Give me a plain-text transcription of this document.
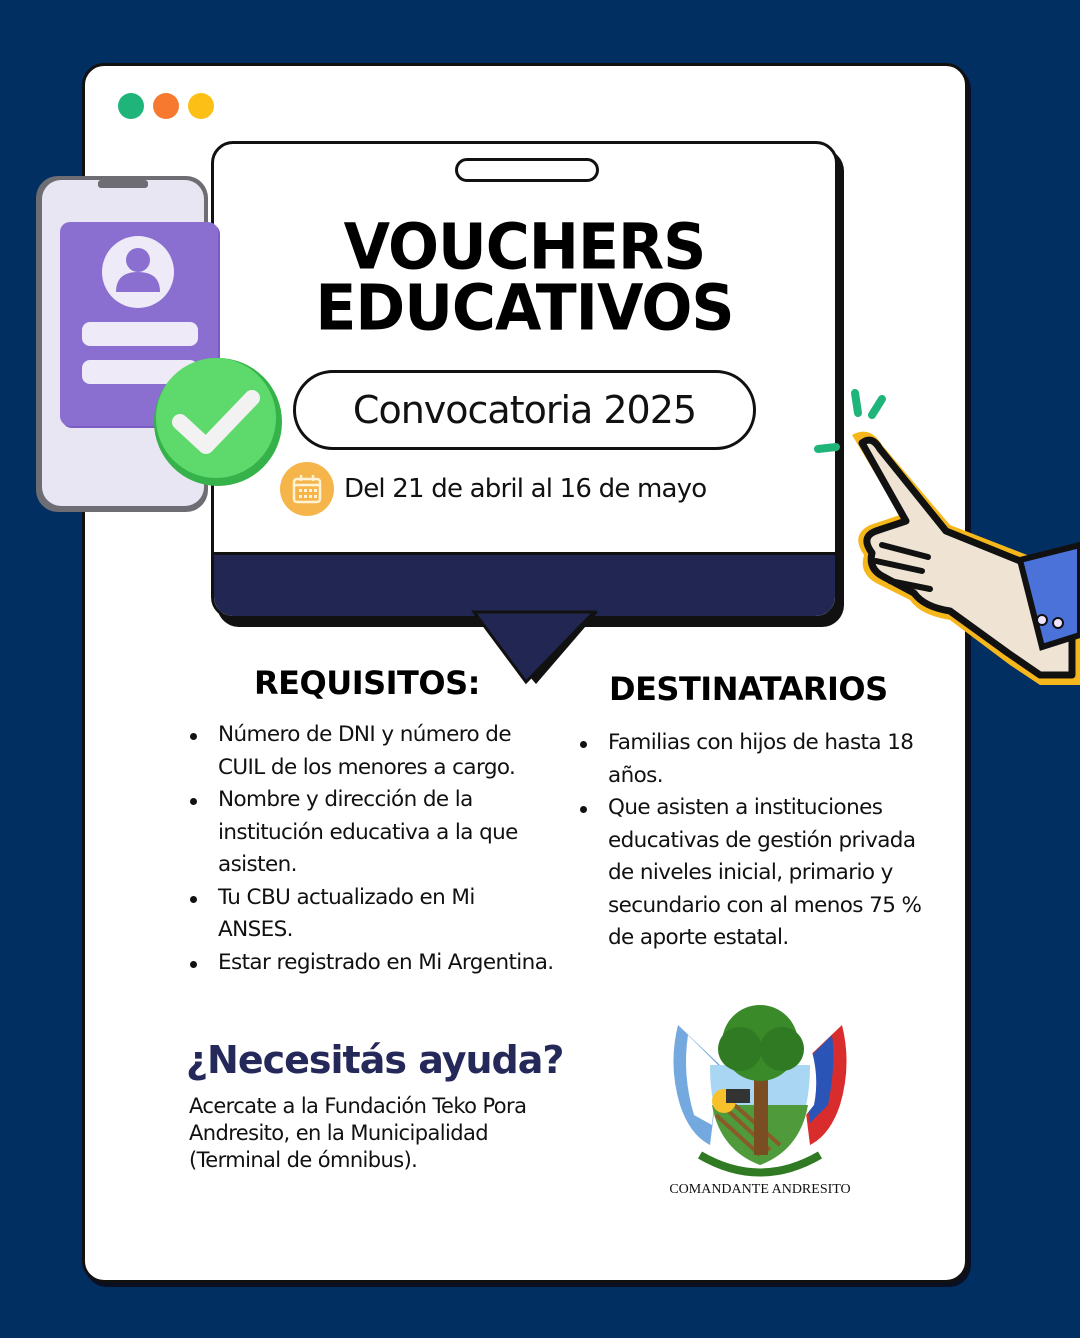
VOUCHERS
EDUCATIVOS
Convocatoria 2025
Del 21 de abril al 16 de mayo
REQUISITOS:
Número de DNI y número de CUIL de los menores a cargo.
Nombre y dirección de la institución educativa a la que asisten.
Tu CBU actualizado en Mi ANSES.
Estar registrado en Mi Argentina.
DESTINATARIOS
Familias con hijos de hasta 18 años.
Que asisten a instituciones educativas de gestión privada de niveles inicial, primario y secundario con al menos 75 % de aporte estatal.
¿Necesitás ayuda?
Acercate a la Fundación Teko Pora Andresito, en la Municipalidad (Terminal de ómnibus).
COMANDANTE ANDRESITO
